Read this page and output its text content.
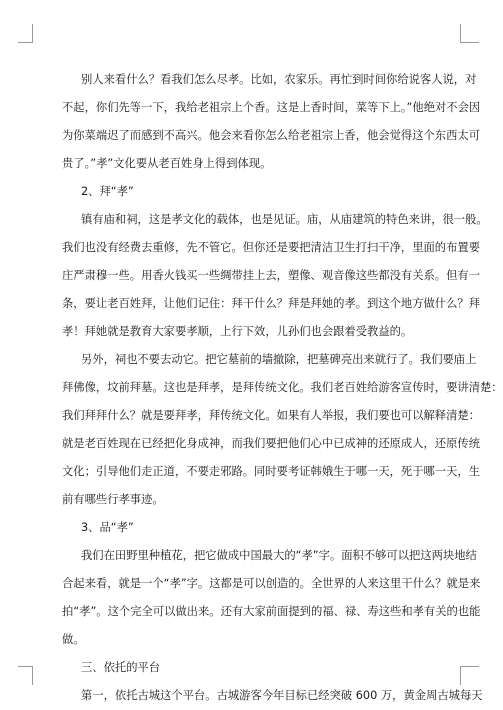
别人来看什么？看我们怎么尽孝。比如，农家乐。再忙到时间你给说客人说，对
不起，你们先等一下，我给老祖宗上个香。这是上香时间，菜等下上。”他绝对不会因
为你菜端迟了而感到不高兴。他会来看你怎么给老祖宗上香，他会觉得这个东西太可
贵了。”孝”文化要从老百姓身上得到体现。
2、拜“孝”
镇有庙和祠，这是孝文化的载体，也是见证。庙，从庙建筑的特色来讲，很一般。
我们也没有经费去重修，先不管它。但你还是要把清洁卫生打扫干净，里面的布置要
庄严肃穆一些。用香火钱买一些绸带挂上去，塑像、观音像这些都没有关系。但有一
条，要让老百姓拜，让他们记住：拜干什么？拜是拜她的孝。到这个地方做什么？拜
孝！拜她就是教育大家要孝顺，上行下效，儿孙们也会跟着受教益的。
另外，祠也不要去动它。把它墓前的墙撤除，把墓碑亮出来就行了。我们要庙上
拜佛像，坟前拜墓。这也是拜孝，是拜传统文化。我们老百姓给游客宣传时，要讲清楚：
我们拜拜什么？就是要拜孝，拜传统文化。如果有人举报，我们要也可以解释清楚：
就是老百姓现在已经把化身成神，而我们要把他们心中已成神的还原成人，还原传统
文化；引导他们走正道，不要走邪路。同时要考证韩娥生于哪一天，死于哪一天，生
前有哪些行孝事迹。
3、品“孝”
我们在田野里种植花，把它做成中国最大的“孝”字。面积不够可以把这两块地结
合起来看，就是一个“孝”字。这都是可以创造的。全世界的人来这里干什么？就是来
拍“孝”。这个完全可以做出来。还有大家前面提到的福、禄、寿这些和孝有关的也能
做。
三、依托的平台
第一，依托古城这个平台。古城游客今年目标已经突破 600 万，黄金周古城每天
